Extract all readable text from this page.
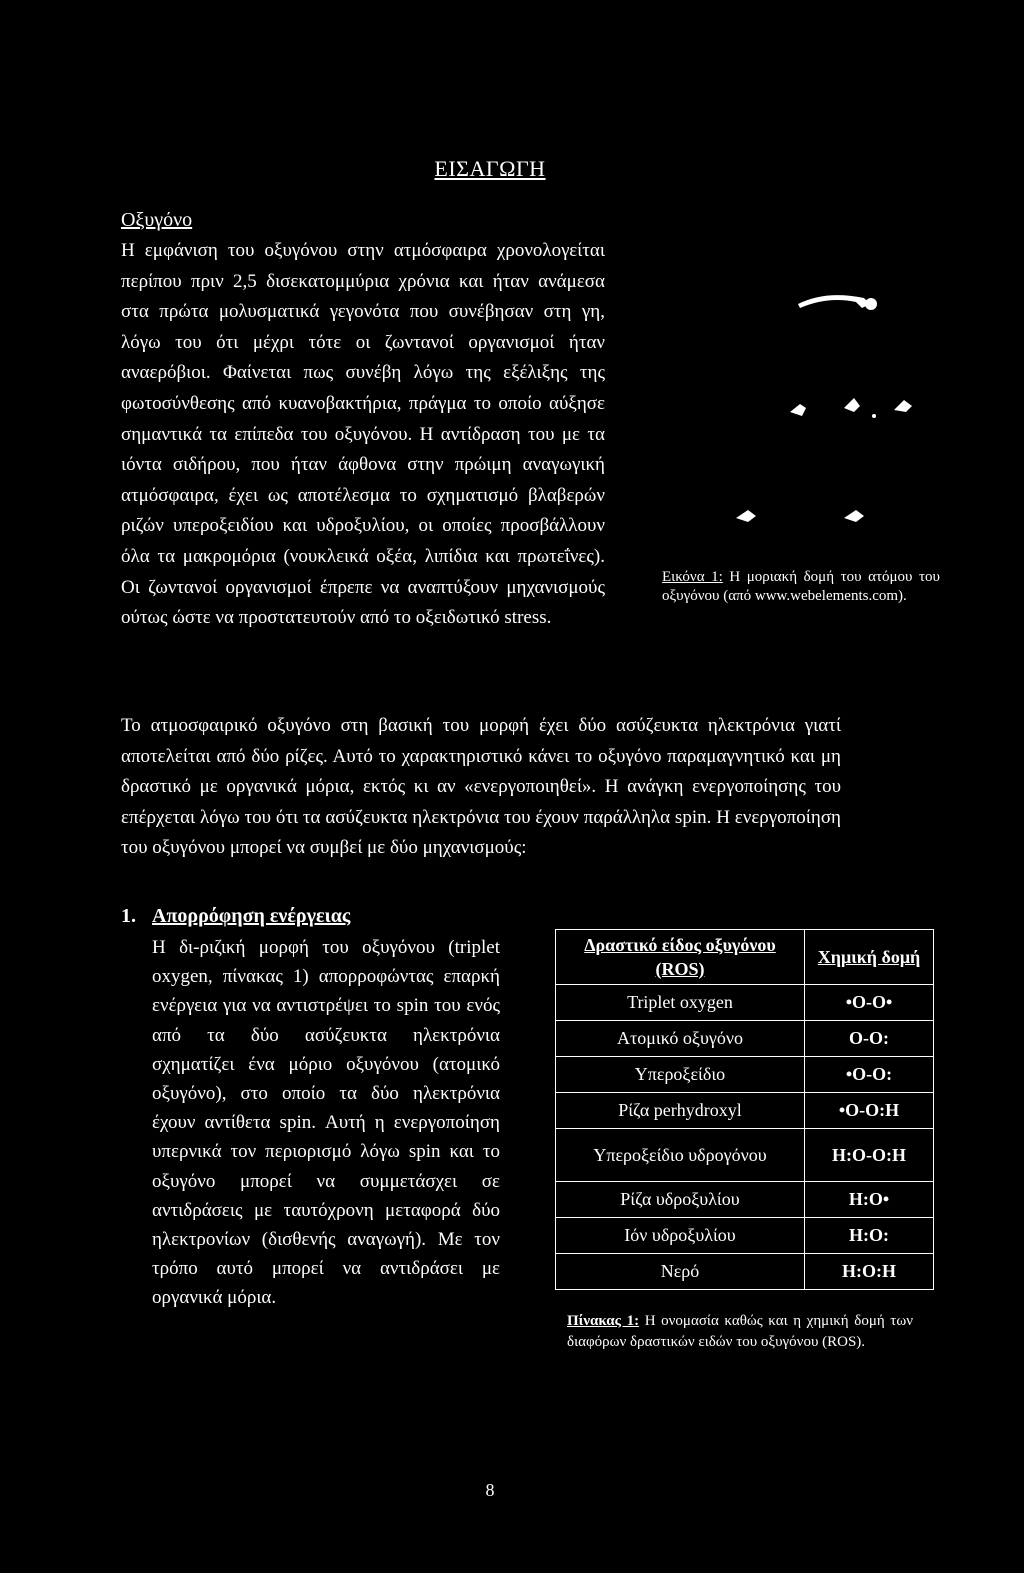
ΕΙΣΑΓΩΓΗ
Οξυγόνο

Η εμφάνιση του οξυγόνου στην ατμόσφαιρα χρονολογείται περίπου πριν 2,5 δισεκατομμύρια χρόνια και ήταν ανάμεσα στα πρώτα μολυσματικά γεγονότα που συνέβησαν στη γη, λόγω του ότι μέχρι τότε οι ζωντανοί οργανισμοί ήταν αναερόβιοι. Φαίνεται πως συνέβη λόγω της εξέλιξης της φωτοσύνθεσης από κυανοβακτήρια, πράγμα το οποίο αύξησε σημαντικά τα επίπεδα του οξυγόνου. Η αντίδραση του με τα ιόντα σιδήρου, που ήταν άφθονα στην πρώιμη αναγωγική ατμόσφαιρα, έχει ως αποτέλεσμα το σχηματισμό βλαβερών ριζών υπεροξειδίου και υδροξυλίου, οι οποίες προσβάλλουν όλα τα μακρομόρια (νουκλεικά οξέα, λιπίδια και πρωτεΐνες). Οι ζωντανοί οργανισμοί έπρεπε να αναπτύξουν μηχανισμούς ούτως ώστε να προστατευτούν από το οξειδωτικό stress.

Εικόνα 1: Η μοριακή δομή του ατόμου του οξυγόνου (από www.webelements.com).

Το ατμοσφαιρικό οξυγόνο στη βασική του μορφή έχει δύο ασύζευκτα ηλεκτρόνια γιατί αποτελείται από δύο ρίζες. Αυτό το χαρακτηριστικό κάνει το οξυγόνο παραμαγνητικό και μη δραστικό με οργανικά μόρια, εκτός κι αν «ενεργοποιηθεί». Η ανάγκη ενεργοποίησης του επέρχεται λόγω του ότι τα ασύζευκτα ηλεκτρόνια του έχουν παράλληλα spin. Η ενεργοποίηση του οξυγόνου μπορεί να συμβεί με δύο μηχανισμούς:

1. Απορρόφηση ενέργειας

Η δι-ριζική μορφή του οξυγόνου (triplet oxygen, πίνακας 1) απορροφώντας επαρκή ενέργεια για να αντιστρέψει το spin του ενός από τα δύο ασύζευκτα ηλεκτρόνια σχηματίζει ένα μόριο οξυγόνου (ατομικό οξυγόνο), στο οποίο τα δύο ηλεκτρόνια έχουν αντίθετα spin. Αυτή η ενεργοποίηση υπερνικά τον περιορισμό λόγω spin και το οξυγόνο μπορεί να συμμετάσχει σε αντιδράσεις με ταυτόχρονη μεταφορά δύο ηλεκτρονίων (δισθενής αναγωγή). Με τον τρόπο αυτό μπορεί να αντιδράσει με οργανικά μόρια.

Δραστικό είδος οξυγόνου (ROS)	Χημική δομή
Triplet oxygen	•O-O•
Ατομικό οξυγόνο	O-O:
Υπεροξείδιο	•O-O:
Ρίζα perhydroxyl	•O-O:H
Υπεροξείδιο υδρογόνου	H:O-O:H
Ρίζα υδροξυλίου	H:O•
Ιόν υδροξυλίου	H:O:
Νερό	H:O:H
Πίνακας 1: Η ονομασία καθώς και η χημική δομή των διαφόρων δραστικών ειδών του οξυγόνου (ROS).
8
